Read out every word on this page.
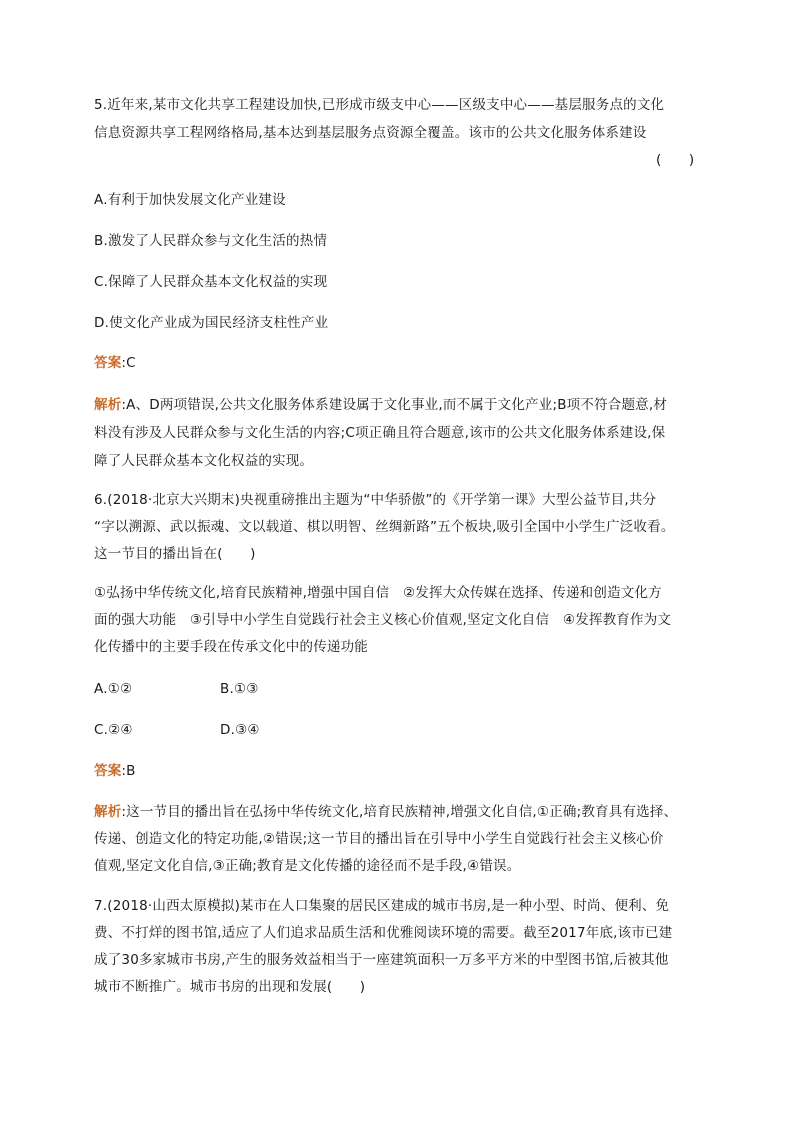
5.近年来,某市文化共享工程建设加快,已形成市级支中心——区级支中心——基层服务点的文化
信息资源共享工程网络格局,基本达到基层服务点资源全覆盖。该市的公共文化服务体系建设
(　　)
A.有利于加快发展文化产业建设
B.激发了人民群众参与文化生活的热情
C.保障了人民群众基本文化权益的实现
D.使文化产业成为国民经济支柱性产业
答案:C
解析:A、D两项错误,公共文化服务体系建设属于文化事业,而不属于文化产业;B项不符合题意,材
料没有涉及人民群众参与文化生活的内容;C项正确且符合题意,该市的公共文化服务体系建设,保
障了人民群众基本文化权益的实现。
6.(2018·北京大兴期末)央视重磅推出主题为“中华骄傲”的《开学第一课》大型公益节目,共分
“字以溯源、武以振魂、文以载道、棋以明智、丝绸新路”五个板块,吸引全国中小学生广泛收看。
这一节目的播出旨在(　　)
①弘扬中华传统文化,培育民族精神,增强中国自信　②发挥大众传媒在选择、传递和创造文化方
面的强大功能　③引导中小学生自觉践行社会主义核心价值观,坚定文化自信　④发挥教育作为文
化传播中的主要手段在传承文化中的传递功能
A.①②	B.①③
C.②④	D.③④
答案:B
解析:这一节目的播出旨在弘扬中华传统文化,培育民族精神,增强文化自信,①正确;教育具有选择、
传递、创造文化的特定功能,②错误;这一节目的播出旨在引导中小学生自觉践行社会主义核心价
值观,坚定文化自信,③正确;教育是文化传播的途径而不是手段,④错误。
7.(2018·山西太原模拟)某市在人口集聚的居民区建成的城市书房,是一种小型、时尚、便利、免
费、不打烊的图书馆,适应了人们追求品质生活和优雅阅读环境的需要。截至2017年底,该市已建
成了30多家城市书房,产生的服务效益相当于一座建筑面积一万多平方米的中型图书馆,后被其他
城市不断推广。城市书房的出现和发展(　　)
